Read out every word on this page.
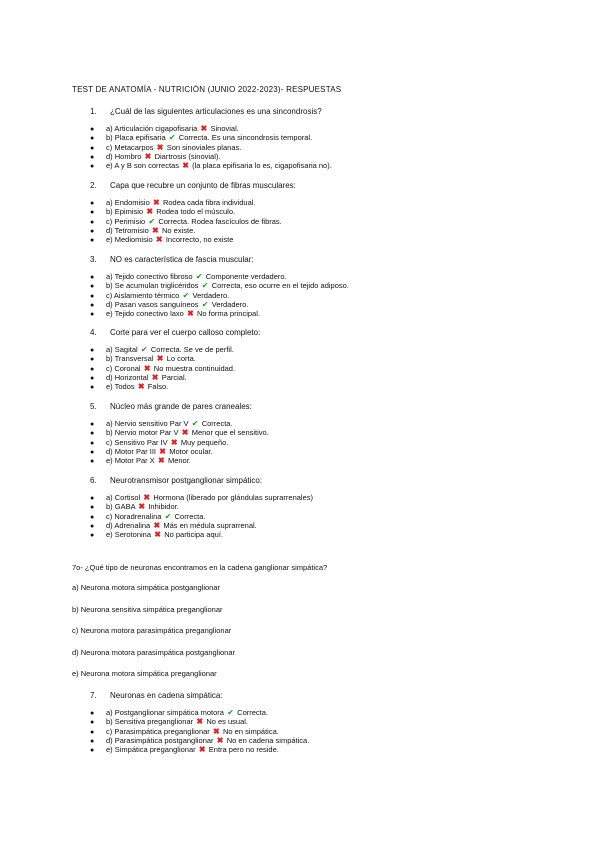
TEST DE ANATOMÍA - NUTRICIÓN (JUNIO 2022-2023)- RESPUESTAS
1. ¿Cuál de las siguientes articulaciones es una sincondrosis?
● a) Articulación cigapofisaria ✖ Sinovial.
● b) Placa epifisaria ✔ Correcta. Es una sincondrosis temporal.
● c) Metacarpos ✖ Son sinoviales planas.
● d) Hombro ✖ Diartrosis (sinovial).
● e) A y B son correctas ✖ (la placa epifisaria lo es, cigapofisaria no).
2. Capa que recubre un conjunto de fibras musculares:
● a) Endomisio ✖ Rodea cada fibra individual.
● b) Epimisio ✖ Rodea todo el músculo.
● c) Perimisio ✔ Correcta. Rodea fascículos de fibras.
● d) Tetromisio ✖ No existe.
● e) Mediomisio ✖ Incorrecto, no existe
3. NO es característica de fascia muscular:
● a) Tejido conectivo fibroso ✔ Componente verdadero.
● b) Se acumulan triglicéridos ✔ Correcta, eso ocurre en el tejido adiposo.
● c) Aislamiento térmico ✔ Verdadero.
● d) Pasan vasos sanguíneos ✔ Verdadero.
● e) Tejido conectivo laxo ✖ No forma principal.
4. Corte para ver el cuerpo calloso completo:
● a) Sagital ✔ Correcta. Se ve de perfil.
● b) Transversal ✖ Lo corta.
● c) Coronal ✖ No muestra continuidad.
● d) Horizontal ✖ Parcial.
● e) Todos ✖ Falso.
5. Núcleo más grande de pares craneales:
● a) Nervio sensitivo Par V ✔ Correcta.
● b) Nervio motor Par V ✖ Menor que el sensitivo.
● c) Sensitivo Par IV ✖ Muy pequeño.
● d) Motor Par III ✖ Motor ocular.
● e) Motor Par X ✖ Menor.
6. Neurotransmisor postganglionar simpático:
● a) Cortisol ✖ Hormona (liberado por glándulas suprarrenales)
● b) GABA ✖ Inhibidor.
● c) Noradrenalina ✔ Correcta.
● d) Adrenalina ✖ Más en médula suprarrenal.
● e) Serotonina ✖ No participa aquí.
7o- ¿Qué tipo de neuronas encontramos en la cadena ganglionar simpática?
a) Neurona motora simpática postganglionar
b) Neurona sensitiva simpática preganglionar
c) Neurona motora parasimpática preganglionar
d) Neurona motora parasimpática postganglionar
e) Neurona motora simpática preganglionar
7. Neuronas en cadena simpática:
● a) Postganglionar simpática motora ✔ Correcta.
● b) Sensitiva preganglionar ✖ No es usual.
● c) Parasimpática preganglionar ✖ No en simpática.
● d) Parasimpática postganglionar ✖ No en cadena simpática.
● e) Simpática preganglionar ✖ Entra pero no reside.
